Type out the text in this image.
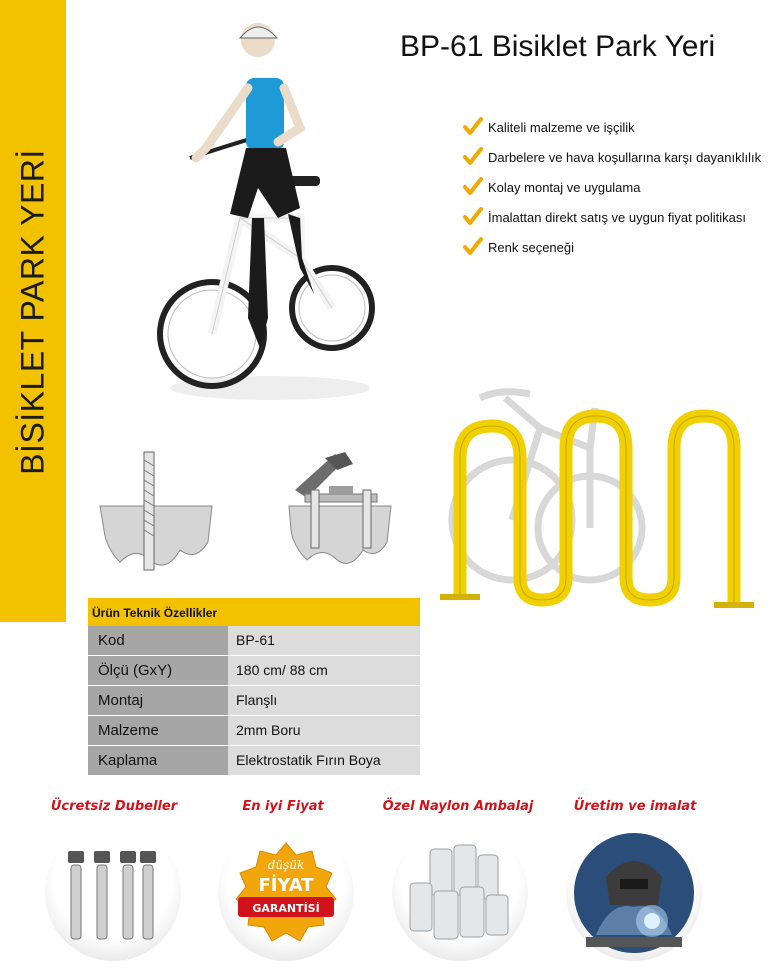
BİSİKLET PARK YERİ
BP-61 Bisiklet Park Yeri
Kaliteli malzeme ve işçilik
Darbelere ve hava koşullarına karşı dayanıklılık
Kolay montaj ve uygulama
İmalattan direkt satış ve uygun fiyat politikası
Renk seçeneği
Ürün Teknik Özellikler
Kod	BP-61
Ölçü (GxY)	180 cm/ 88 cm
Montaj	Flanşlı
Malzeme	2mm Boru
Kaplama	Elektrostatik Fırın Boya
Ücretsiz Dubeller	En iyi Fiyat	Özel Naylon Ambalaj	Üretim ve imalat
düşük
FİYAT
GARANTİSİ
